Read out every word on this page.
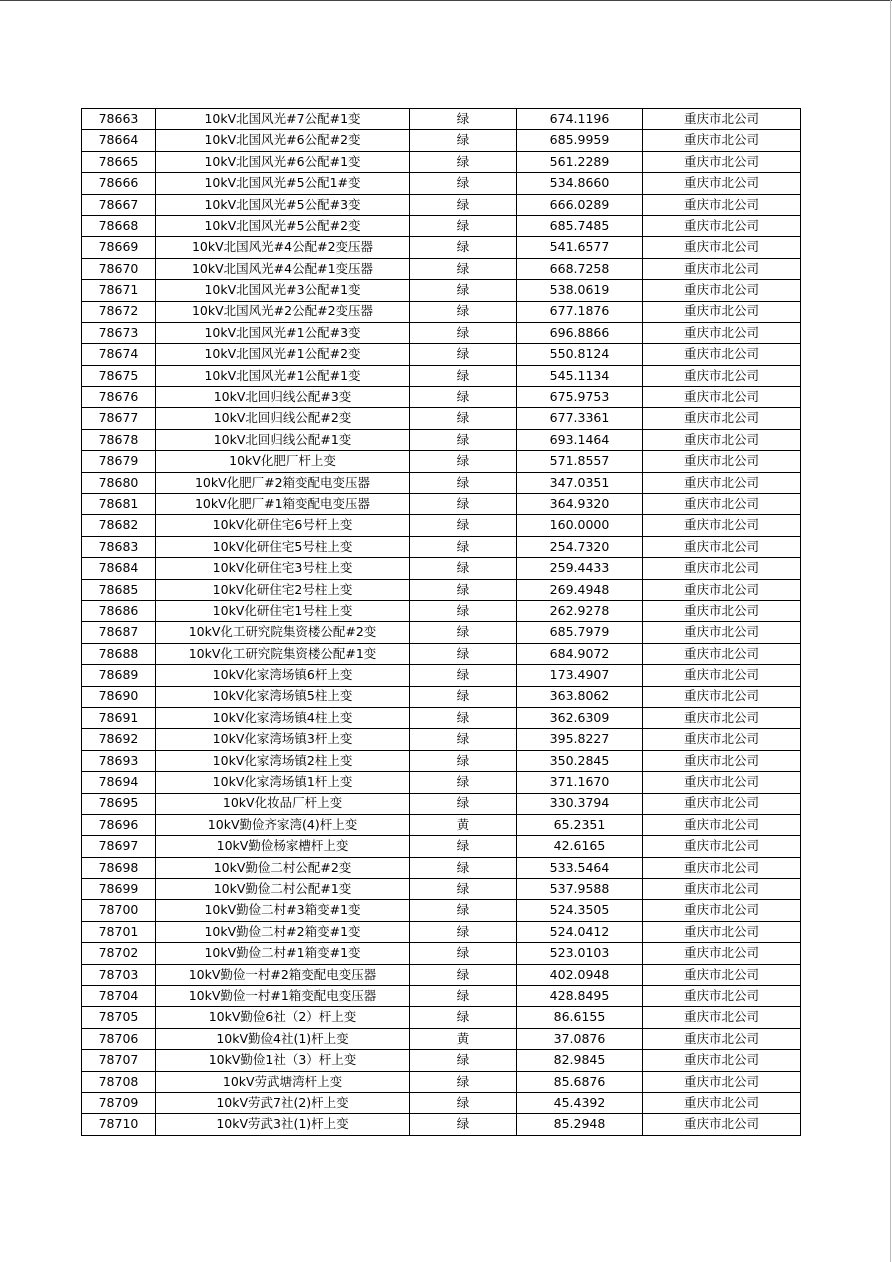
78663	10kV北国风光#7公配#1变	绿	674.1196	重庆市北公司
78664	10kV北国风光#6公配#2变	绿	685.9959	重庆市北公司
78665	10kV北国风光#6公配#1变	绿	561.2289	重庆市北公司
78666	10kV北国风光#5公配1#变	绿	534.8660	重庆市北公司
78667	10kV北国风光#5公配#3变	绿	666.0289	重庆市北公司
78668	10kV北国风光#5公配#2变	绿	685.7485	重庆市北公司
78669	10kV北国风光#4公配#2变压器	绿	541.6577	重庆市北公司
78670	10kV北国风光#4公配#1变压器	绿	668.7258	重庆市北公司
78671	10kV北国风光#3公配#1变	绿	538.0619	重庆市北公司
78672	10kV北国风光#2公配#2变压器	绿	677.1876	重庆市北公司
78673	10kV北国风光#1公配#3变	绿	696.8866	重庆市北公司
78674	10kV北国风光#1公配#2变	绿	550.8124	重庆市北公司
78675	10kV北国风光#1公配#1变	绿	545.1134	重庆市北公司
78676	10kV北回归线公配#3变	绿	675.9753	重庆市北公司
78677	10kV北回归线公配#2变	绿	677.3361	重庆市北公司
78678	10kV北回归线公配#1变	绿	693.1464	重庆市北公司
78679	10kV化肥厂杆上变	绿	571.8557	重庆市北公司
78680	10kV化肥厂#2箱变配电变压器	绿	347.0351	重庆市北公司
78681	10kV化肥厂#1箱变配电变压器	绿	364.9320	重庆市北公司
78682	10kV化研住宅6号杆上变	绿	160.0000	重庆市北公司
78683	10kV化研住宅5号柱上变	绿	254.7320	重庆市北公司
78684	10kV化研住宅3号柱上变	绿	259.4433	重庆市北公司
78685	10kV化研住宅2号柱上变	绿	269.4948	重庆市北公司
78686	10kV化研住宅1号柱上变	绿	262.9278	重庆市北公司
78687	10kV化工研究院集资楼公配#2变	绿	685.7979	重庆市北公司
78688	10kV化工研究院集资楼公配#1变	绿	684.9072	重庆市北公司
78689	10kV化家湾场镇6杆上变	绿	173.4907	重庆市北公司
78690	10kV化家湾场镇5柱上变	绿	363.8062	重庆市北公司
78691	10kV化家湾场镇4柱上变	绿	362.6309	重庆市北公司
78692	10kV化家湾场镇3杆上变	绿	395.8227	重庆市北公司
78693	10kV化家湾场镇2柱上变	绿	350.2845	重庆市北公司
78694	10kV化家湾场镇1杆上变	绿	371.1670	重庆市北公司
78695	10kV化妆品厂杆上变	绿	330.3794	重庆市北公司
78696	10kV勤俭齐家湾(4)杆上变	黄	65.2351	重庆市北公司
78697	10kV勤俭杨家槽杆上变	绿	42.6165	重庆市北公司
78698	10kV勤俭二村公配#2变	绿	533.5464	重庆市北公司
78699	10kV勤俭二村公配#1变	绿	537.9588	重庆市北公司
78700	10kV勤俭二村#3箱变#1变	绿	524.3505	重庆市北公司
78701	10kV勤俭二村#2箱变#1变	绿	524.0412	重庆市北公司
78702	10kV勤俭二村#1箱变#1变	绿	523.0103	重庆市北公司
78703	10kV勤俭一村#2箱变配电变压器	绿	402.0948	重庆市北公司
78704	10kV勤俭一村#1箱变配电变压器	绿	428.8495	重庆市北公司
78705	10kV勤俭6社（2）杆上变	绿	86.6155	重庆市北公司
78706	10kV勤俭4社(1)杆上变	黄	37.0876	重庆市北公司
78707	10kV勤俭1社（3）杆上变	绿	82.9845	重庆市北公司
78708	10kV劳武塘湾杆上变	绿	85.6876	重庆市北公司
78709	10kV劳武7社(2)杆上变	绿	45.4392	重庆市北公司
78710	10kV劳武3社(1)杆上变	绿	85.2948	重庆市北公司
